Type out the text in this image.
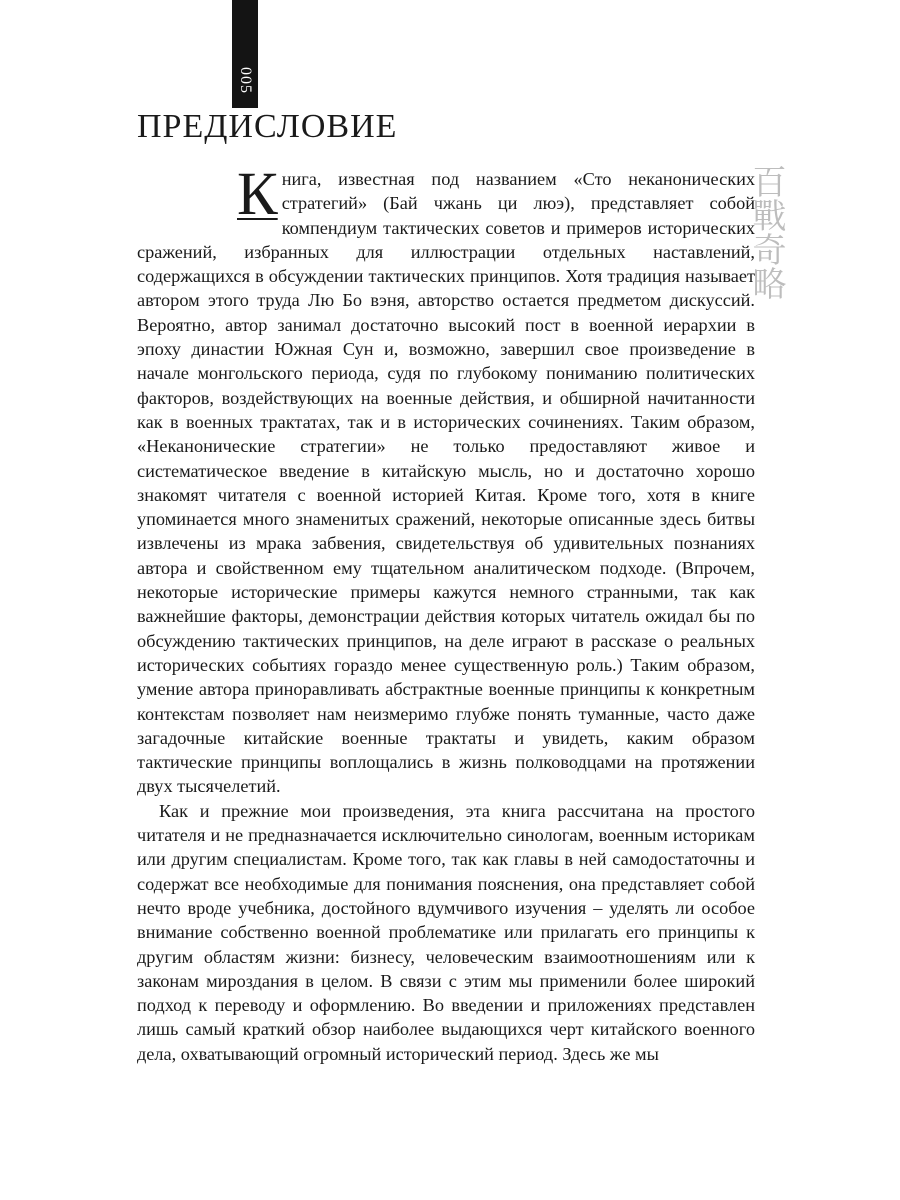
005
ПРЕДИСЛОВИЕ
百戰奇略

Книга, известная под названием «Сто неканонических стратегий» (Бай чжань ци люэ), представляет собой компендиум тактических советов и примеров исторических сражений, избранных для иллюстрации отдельных наставлений, содержащихся в обсуждении тактических принципов. Хотя традиция называет автором этого труда Лю Бо вэня, авторство остается предметом дискуссий. Вероятно, автор занимал достаточно высокий пост в военной иерархии в эпоху династии Южная Сун и, возможно, завершил свое произведение в начале монгольского периода, судя по глубокому пониманию политических факторов, воздействующих на военные действия, и обширной начитанности как в военных трактатах, так и в исторических сочинениях. Таким образом, «Неканонические стратегии» не только предоставляют живое и систематическое введение в китайскую мысль, но и достаточно хорошо знакомят читателя с военной историей Китая. Кроме того, хотя в книге упоминается много знаменитых сражений, некоторые описанные здесь битвы извлечены из мрака забвения, свидетельствуя об удивительных познаниях автора и свойственном ему тщательном аналитическом подходе. (Впрочем, некоторые исторические примеры кажутся немного странными, так как важнейшие факторы, демонстрации действия которых читатель ожидал бы по обсуждению тактических принципов, на деле играют в рассказе о реальных исторических событиях гораздо менее существенную роль.) Таким образом, умение автора приноравливать абстрактные военные принципы к конкретным контекстам позволяет нам неизмеримо глубже понять туманные, часто даже загадочные китайские военные трактаты и увидеть, каким образом тактические принципы воплощались в жизнь полководцами на протяжении двух тысячелетий.

Как и прежние мои произведения, эта книга рассчитана на простого читателя и не предназначается исключительно синологам, военным историкам или другим специалистам. Кроме того, так как главы в ней самодостаточны и содержат все необходимые для понимания пояснения, она представляет собой нечто вроде учебника, достойного вдумчивого изучения – уделять ли особое внимание собственно военной проблематике или прилагать его принципы к другим областям жизни: бизнесу, человеческим взаимоотношениям или к законам мироздания в целом. В связи с этим мы применили более широкий подход к переводу и оформлению. Во введении и приложениях представлен лишь самый краткий обзор наиболее выдающихся черт китайского военного дела, охватывающий огромный исторический период. Здесь же мы
